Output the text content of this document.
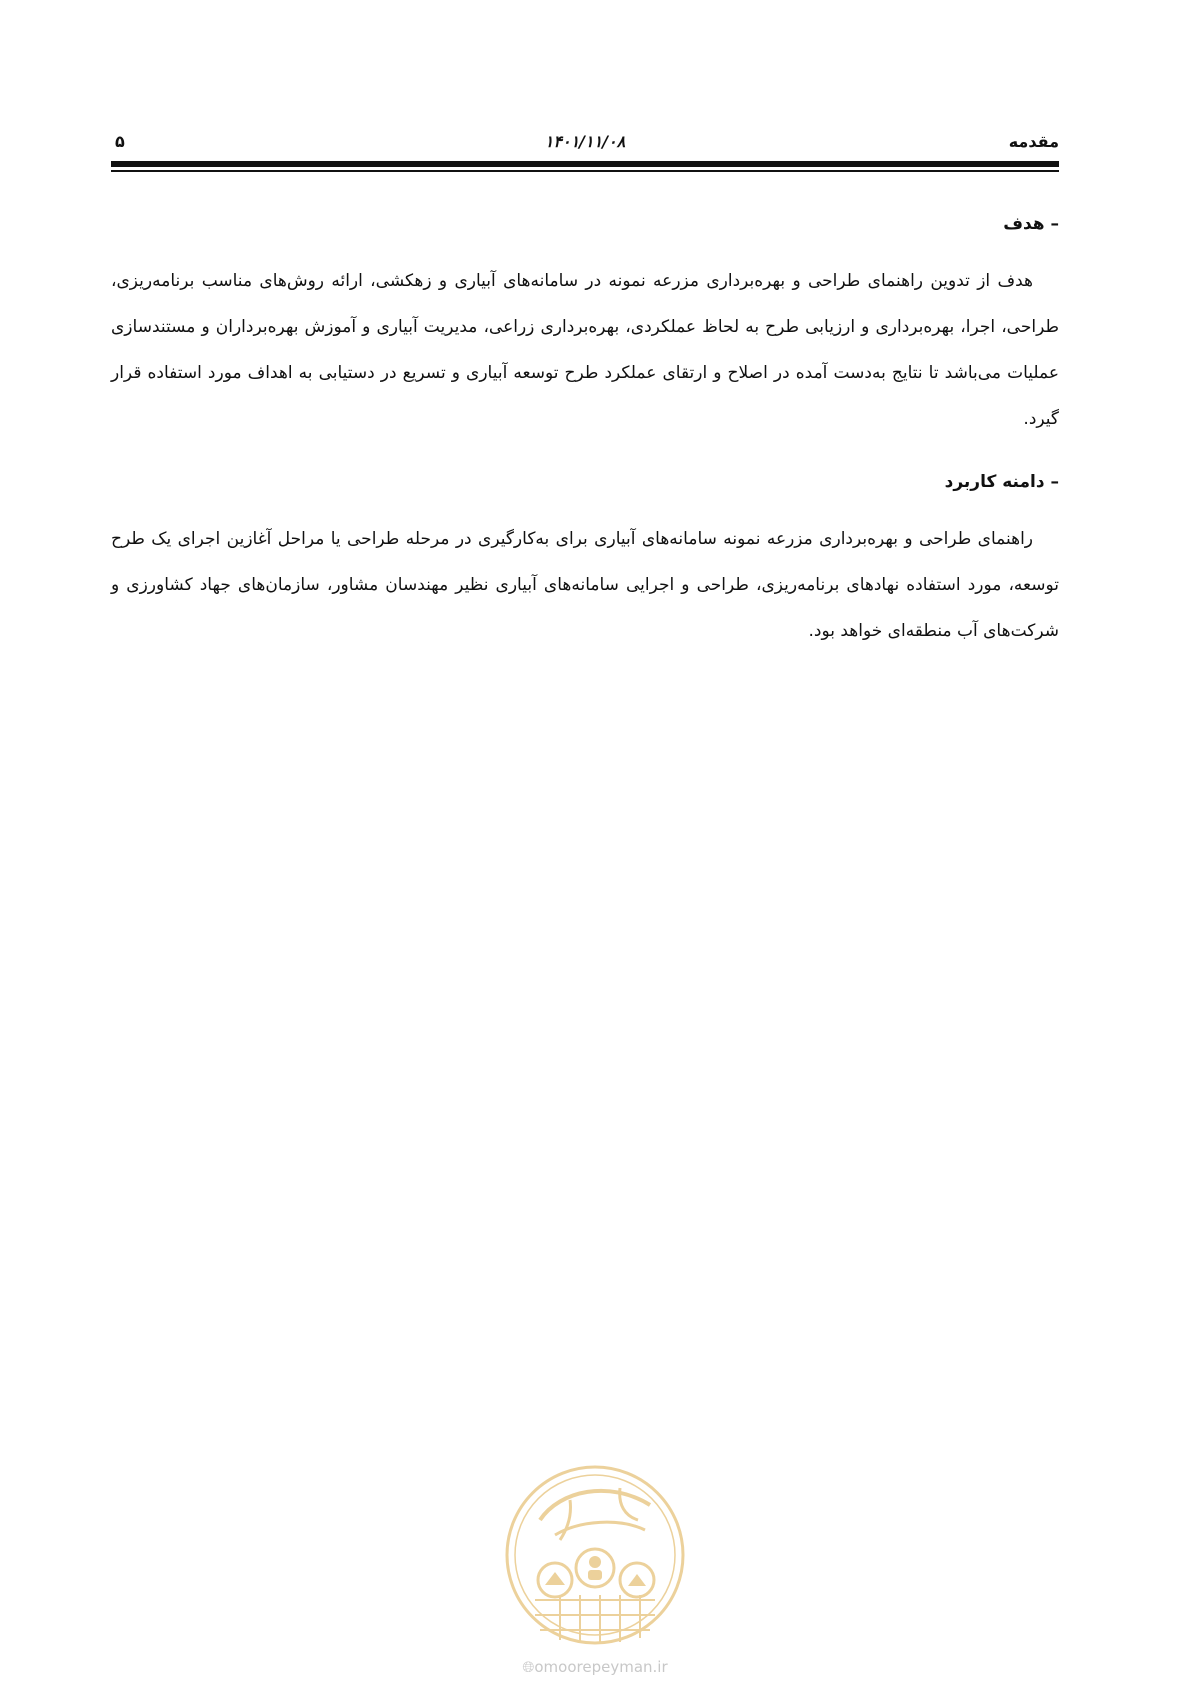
مقدمه
۱۴۰۱/۱۱/۰۸
۵
– هدف

هدف از تدوین راهنمای طراحی و بهره‌برداری مزرعه نمونه در سامانه‌های آبیاری و زهکشی، ارائه روش‌های مناسب برنامه‌ریزی، طراحی، اجرا، بهره‌برداری و ارزیابی طرح به لحاظ عملکردی، بهره‌برداری زراعی، مدیریت آبیاری و آموزش بهره‌برداران و مستندسازی عملیات می‌باشد تا نتایج به‌دست آمده در اصلاح و ارتقای عملکرد طرح توسعه آبیاری و تسریع در دستیابی به اهداف مورد استفاده قرار گیرد.

– دامنه کاربرد

راهنمای طراحی و بهره‌برداری مزرعه نمونه سامانه‌های آبیاری برای به‌کارگیری در مرحله طراحی یا مراحل آغازین اجرای یک طرح توسعه، مورد استفاده نهادهای برنامه‌ریزی، طراحی و اجرایی سامانه‌های آبیاری نظیر مهندسان مشاور، سازمان‌های جهاد کشاورزی و شرکت‌های آب منطقه‌ای خواهد بود.

🌐︎omoorepeyman.ir
